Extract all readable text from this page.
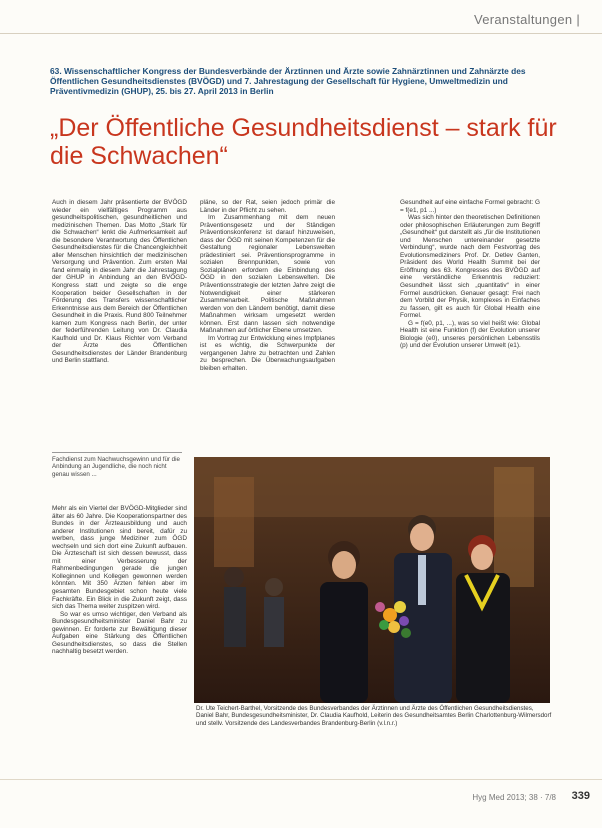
Veranstaltungen |
63. Wissenschaftlicher Kongress der Bundesverbände der Ärztinnen und Ärzte sowie Zahnärztinnen und Zahnärzte des Öffentlichen Gesundheitsdienstes (BVÖGD) und 7. Jahrestagung der Gesellschaft für Hygiene, Umweltmedizin und Präventivmedizin (GHUP), 25. bis 27. April 2013 in Berlin
„Der Öffentliche Gesundheitsdienst – stark für die Schwachen“

Auch in diesem Jahr präsentierte der BVÖGD wieder ein vielfältiges Programm aus gesundheitspolitischen, gesundheitlichen und medizinischen Themen. Das Motto „Stark für die Schwachen“ lenkt die Aufmerksamkeit auf die besondere Verantwortung des Öffentlichen Gesundheitsdienstes für die Chancengleichheit aller Menschen hinsichtlich der medizinischen Versorgung und Prävention. Zum ersten Mal fand einmalig in diesem Jahr die Jahrestagung der GHUP in Anbindung an den BVÖGD-Kongress statt und zeigte so die enge Kooperation beider Gesellschaften in der Förderung des Transfers wissenschaftlicher Erkenntnisse aus dem Bereich der Öffentlichen Gesundheit in die Praxis. Rund 800 Teilnehmer kamen zum Kongress nach Berlin, der unter der federführenden Leitung von Dr. Claudia Kaufhold und Dr. Klaus Richter vom Verband der Ärzte des Öffentlichen Gesundheitsdienstes der Länder Brandenburg und Berlin stattfand.

pläne, so der Rat, seien jedoch primär die Länder in der Pflicht zu sehen.

Im Zusammenhang mit dem neuen Präventionsgesetz und der Ständigen Präventionskonferenz ist darauf hinzuweisen, dass der ÖGD mit seinen Kompetenzen für die Gestaltung regionaler Lebenswelten prädestiniert sei. Präventionsprogramme in sozialen Brennpunkten, sowie von Sozialplänen erfordern die Einbindung des ÖGD in den sozialen Lebenswelten. Die Präventionsstrategie der letzten Jahre zeigt die Notwendigkeit einer stärkeren Zusammenarbeit. Politische Maßnahmen werden von den Ländern benötigt, damit diese Maßnahmen wirksam umgesetzt werden können. Erst dann lassen sich notwendige Maßnahmen auf örtlicher Ebene umsetzen.

Im Vortrag zur Entwicklung eines Impfplanes ist es wichtig, die Schwerpunkte der vergangenen Jahre zu betrachten und Zahlen zu besprechen. Die Überwachungsaufgaben bleiben erhalten.

Gesundheit auf eine einfache Formel gebracht: G = f(e1, p1 ...)

Was sich hinter den theoretischen Definitionen oder philosophischen Erläuterungen zum Begriff „Gesundheit“ gut darstellt als „für die Institutionen und Menschen untereinander gesetzte Verbindung“, wurde nach dem Festvortrag des Evolutionsmediziners Prof. Dr. Detlev Ganten, Präsident des World Health Summit bei der Eröffnung des 63. Kongresses des BVÖGD auf eine verständliche Erkenntnis reduziert: Gesundheit lässt sich „quantitativ“ in einer Formel ausdrücken. Genauer gesagt: Frei nach dem Vorbild der Physik, komplexes in Einfaches zu fassen, gilt es auch für Global Health eine Formel.

G = f(e0, p1, ...), was so viel heißt wie: Global Health ist eine Funktion (f) der Evolution unserer Biologie (e0), unseres persönlichen Lebensstils (p) und der Evolution unserer Umwelt (e1).

Fachdienst zum Nachwuchsgewinn und für die Anbindung an Jugendliche, die noch nicht genau wissen ...

Mehr als ein Viertel der BVÖGD-Mitglieder sind älter als 60 Jahre. Die Kooperationspartner des Bundes in der Ärzteausbildung und auch anderer Institutionen sind bereit, dafür zu werben, dass junge Mediziner zum ÖGD wechseln und sich dort eine Zukunft aufbauen. Die Ärzteschaft ist sich dessen bewusst, dass mit einer Verbesserung der Rahmenbedingungen gerade die jungen Kolleginnen und Kollegen gewonnen werden könnten. Mit 350 Ärzten fehlen aber im gesamten Bundesgebiet schon heute viele Fachkräfte. Ein Blick in die Zukunft zeigt, dass sich das Thema weiter zuspitzen wird.

So war es umso wichtiger, den Verband als Bundesgesundheitsminister Daniel Bahr zu gewinnen. Er forderte zur Bewältigung dieser Aufgaben eine Stärkung des Öffentlichen Gesundheitsdienstes, so dass die Stellen nachhaltig besetzt werden.

Dr. Ute Teichert-Barthel, Vorsitzende des Bundesverbandes der Ärztinnen und Ärzte des Öffentlichen Gesundheitsdienstes, Daniel Bahr, Bundesgesundheitsminister, Dr. Claudia Kaufhold, Leiterin des Gesundheitsamtes Berlin Charlottenburg-Wilmersdorf und stellv. Vorsitzende des Landesverbandes Brandenburg-Berlin (v.l.n.r.)
Hyg Med 2013; 38 · 7/8 339
